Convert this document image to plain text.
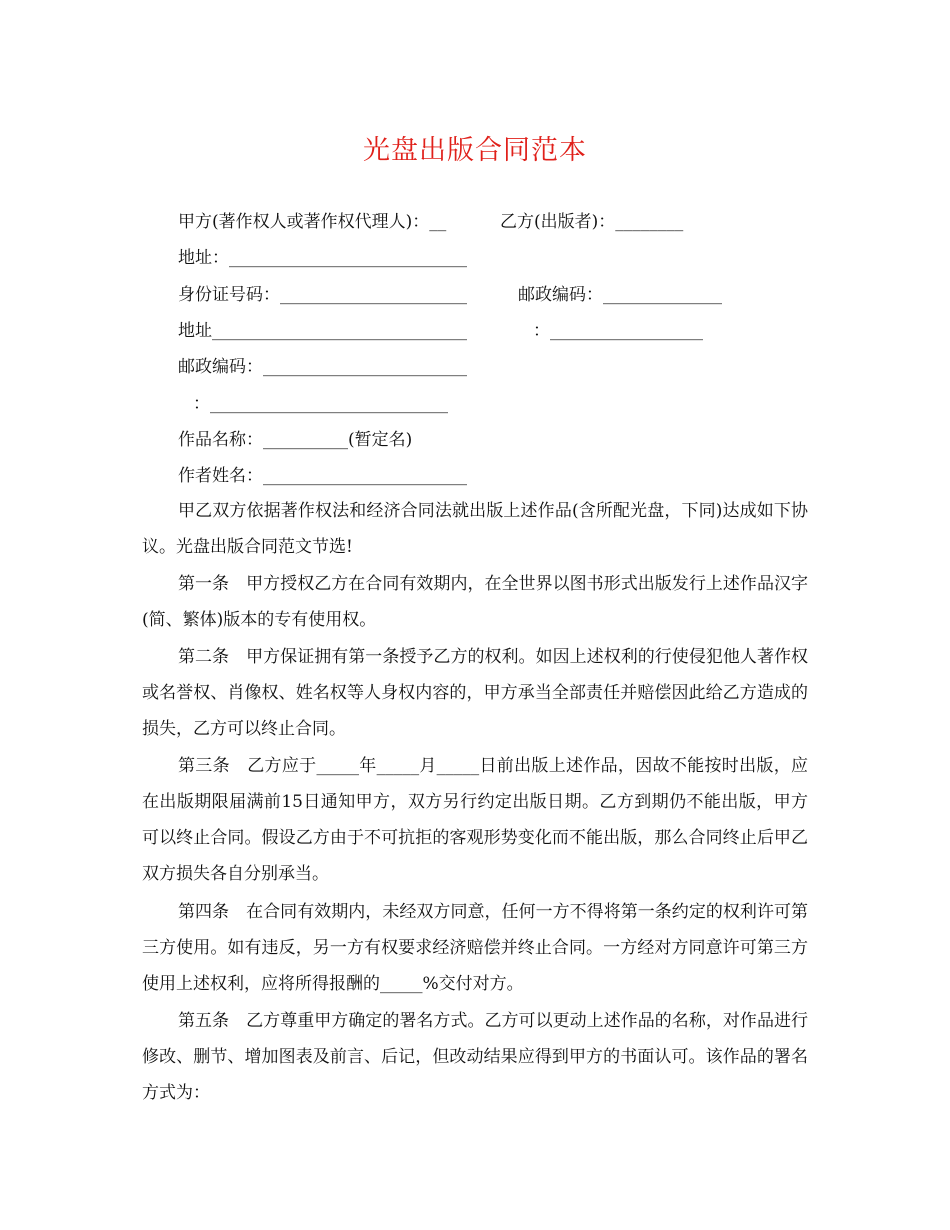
光盘出版合同范本
甲方(著作权人或著作权代理人)：__	乙方(出版者)：________
地址：____________________________
身份证号码：______________________	邮政编码：______________
地址______________________________	：__________________
邮政编码：________________________
：____________________________
作品名称：__________(暂定名)
作者姓名：________________________
甲乙双方依据著作权法和经济合同法就出版上述作品(含所配光盘，下同)达成如下协议。光盘出版合同范文节选!
第一条　甲方授权乙方在合同有效期内，在全世界以图书形式出版发行上述作品汉字(简、繁体)版本的专有使用权。
第二条　甲方保证拥有第一条授予乙方的权利。如因上述权利的行使侵犯他人著作权或名誉权、肖像权、姓名权等人身权内容的，甲方承当全部责任并赔偿因此给乙方造成的损失，乙方可以终止合同。
第三条　乙方应于_____年_____月_____日前出版上述作品，因故不能按时出版，应在出版期限届满前15日通知甲方，双方另行约定出版日期。乙方到期仍不能出版，甲方可以终止合同。假设乙方由于不可抗拒的客观形势变化而不能出版，那么合同终止后甲乙双方损失各自分别承当。
第四条　在合同有效期内，未经双方同意，任何一方不得将第一条约定的权利许可第三方使用。如有违反，另一方有权要求经济赔偿并终止合同。一方经对方同意许可第三方使用上述权利，应将所得报酬的_____%交付对方。
第五条　乙方尊重甲方确定的署名方式。乙方可以更动上述作品的名称，对作品进行修改、删节、增加图表及前言、后记，但改动结果应得到甲方的书面认可。该作品的署名方式为：
